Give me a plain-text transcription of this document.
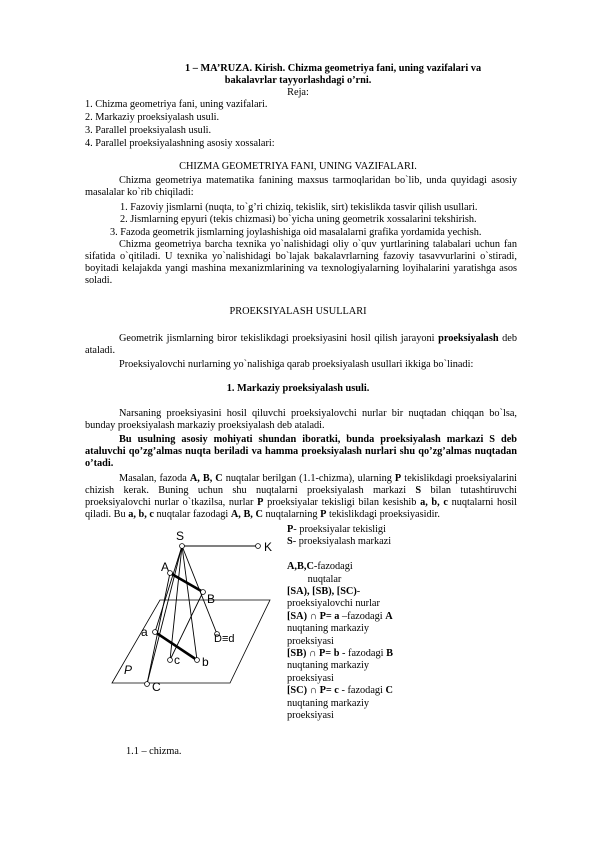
1 – MA’RUZA. Kirish. Chizma geometriya fani, uning vazifalari va
bakalavrlar tayyorlashdagi o’rni.
Reja:
1. Chizma geometriya fani, uning vazifalari.
2. Markaziy proeksiyalash usuli.
3. Parallel proeksiyalash usuli.
4. Parallel proeksiyalashning asosiy xossalari:
CHIZMA GEOMETRIYA FANI, UNING VAZIFALARI.
Chizma geometriya matematika fanining maxsus tarmoqlaridan bo`lib, unda quyidagi asosiy masalalar ko`rib chiqiladi:
1. Fazoviy jismlarni (nuqta, to`g’ri chiziq, tekislik, sirt) tekislikda tasvir qilish usullari.
2. Jismlarning epyuri (tekis chizmasi) bo`yicha uning geometrik xossalarini tekshirish.
3. Fazoda geometrik jismlarning joylashishiga oid masalalarni grafika yordamida yechish.
Chizma geometriya barcha texnika yo`nalishidagi oliy o`quv yurtlarining talabalari uchun fan sifatida o`qitiladi. U texnika yo`nalishidagi bo`lajak bakalavrlarning fazoviy tasavvurlarini o`stiradi, boyitadi kelajakda yangi mashina mexanizmlarining va texnologiyalarning loyihalarini yaratishga asos soladi.
PROEKSIYALASH USULLARI
Geometrik jismlarning biror tekislikdagi proeksiyasini hosil qilish jarayoni proeksiyalash deb ataladi.
Proeksiyalovchi nurlarning yo`nalishiga qarab proeksiyalash usullari ikkiga bo`linadi:
1. Markaziy proeksiyalash usuli.
Narsaning proeksiyasini hosil qiluvchi proeksiyalovchi nurlar bir nuqtadan chiqqan bo`lsa, bunday proeksiyalash markaziy proeksiyalash deb ataladi.
Bu usulning asosiy mohiyati shundan iboratki, bunda proeksiyalash markazi S deb ataluvchi qo’zg’almas nuqta beriladi va hamma proeksiyalash nurlari shu qo’zg’almas nuqtadan o’tadi.
Masalan, fazoda A, B, C nuqtalar berilgan (1.1-chizma), ularning P tekislikdagi proeksiyalarini chizish kerak. Buning uchun shu nuqtalarni proeksiyalash markazi S bilan tutashtiruvchi proeksiyalovchi nurlar o`tkazilsa, nurlar P proeksiyalar tekisligi bilan kesishib a, b, c nuqtalarni hosil qiladi. Bu a, b, c nuqtalar fazodagi A, B, C nuqtalarning P tekislikdagi proeksiyasidir.
P- proeksiyalar tekisligi
S- proeksiyalash markazi

A,B,C-fazodagi
nuqtalar
[SA), [SB), [SC)-
proeksiyalovchi nurlar
[SA) ∩ P= a –fazodagi A
nuqtaning markaziy
proeksiyasi
[SB) ∩ P= b - fazodagi B
nuqtaning markaziy
proeksiyasi
[SC) ∩ P= c - fazodagi C
nuqtaning markaziy
proeksiyasi
S
K
A
B
a	D≡d
P
c b
C
1.1 – chizma.
